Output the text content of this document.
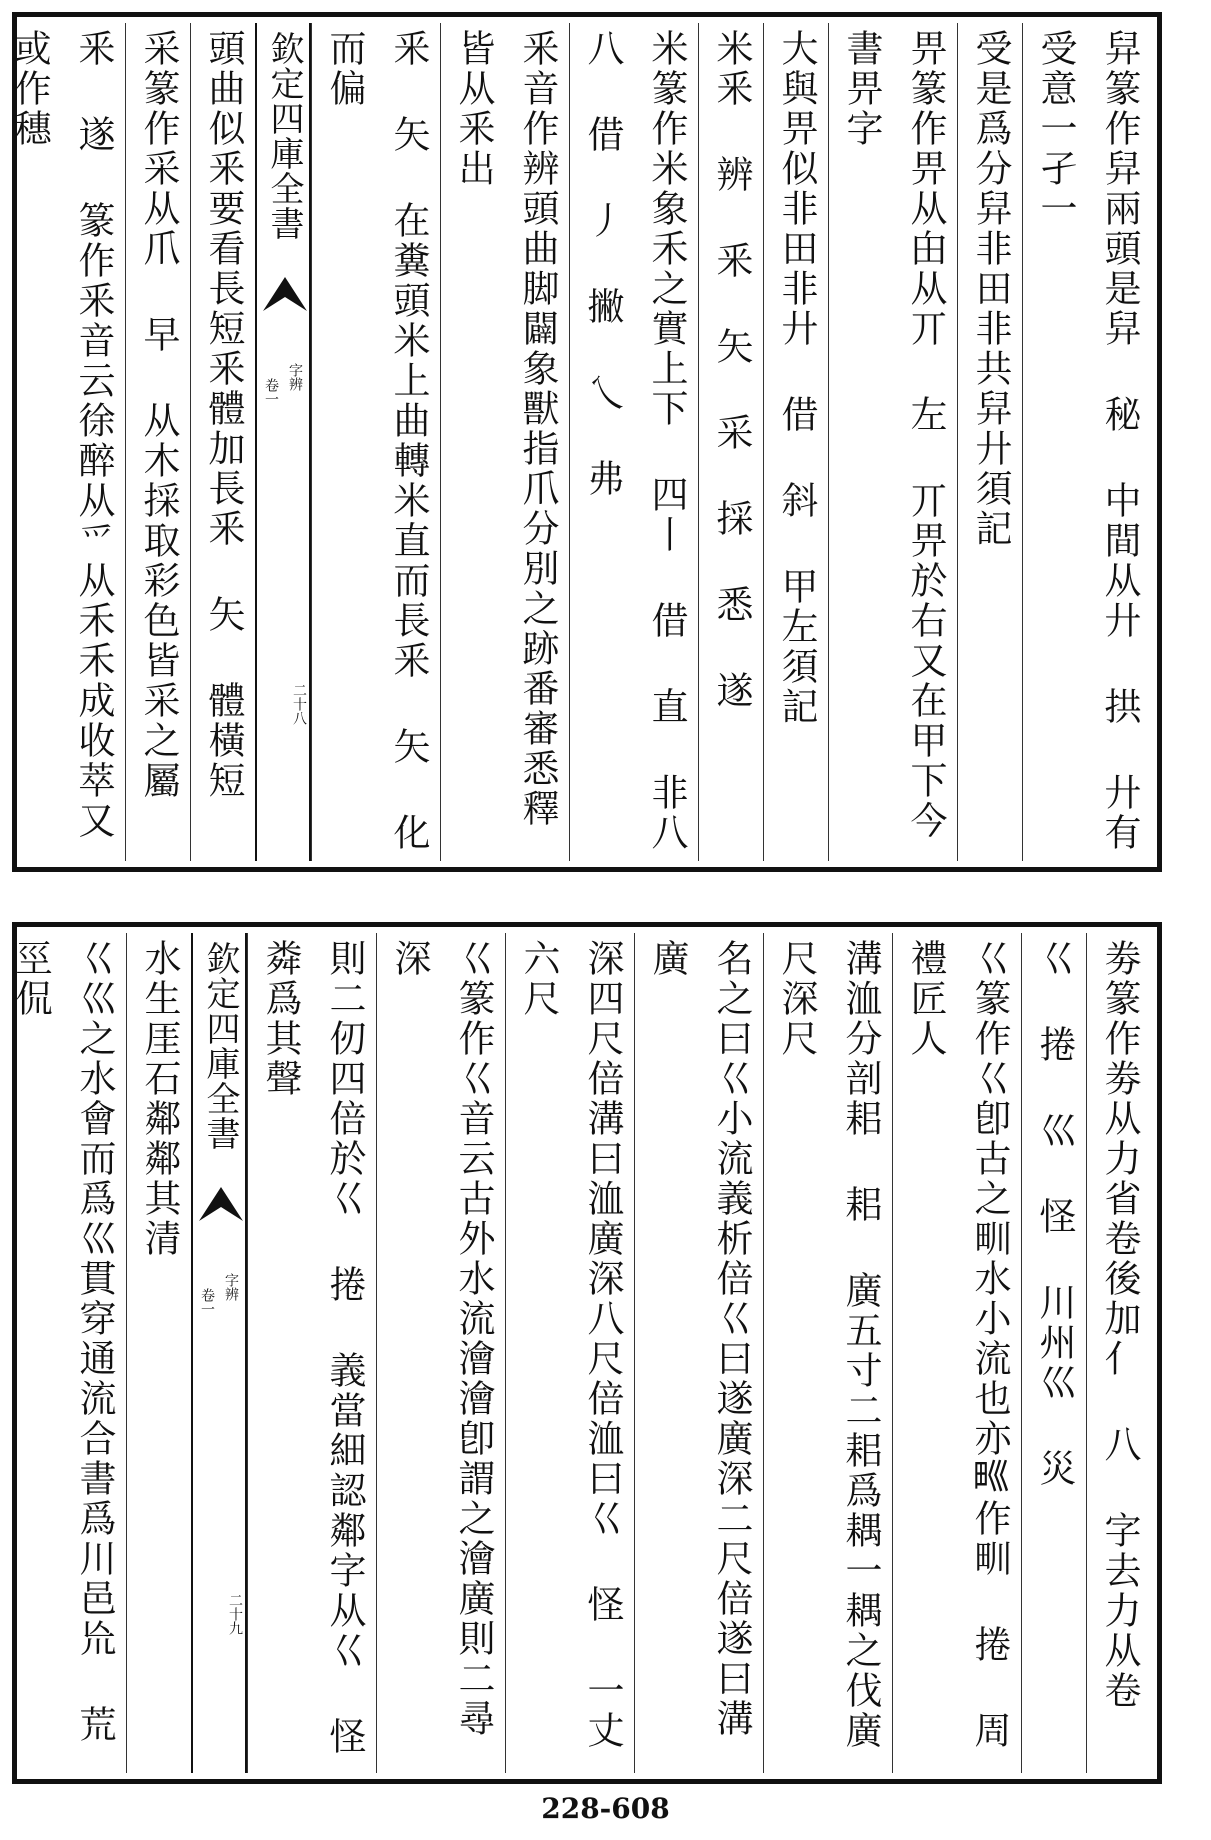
舁篆作舁兩頭是舁 秘 中間从廾 拱 廾有受意一孑一
受是爲分舁非田非共舁廾須記
畀篆作畀从甶从丌 左 丌畀於右又在甲下今書畀字
大與畀似非田非廾 借 斜 甲左須記
米釆 辨 釆 矢 采 採 悉 遂
米篆作米象禾之實上下 四丨 借 直 非八 八 借 丿 撇 乀 弗
釆音作辨頭曲脚闢象獸指爪分別之跡番審悉釋皆从釆出
釆 矢 在糞頭米上曲轉米直而長釆 矢 化而偏
欽定四庫全書
字辨
卷一
二十八
頭曲似釆要看長短釆體加長釆 矢 體橫短
采篆作采从爪 早 从木採取彩色皆采之屬
釆 遂 篆作釆音云徐醉从爫从禾禾成收萃又或作穗
劵篆作劵从力省卷後加亻 八 字去力从卷
巜 捲 巛 怪 川州巛 災
巜篆作巜卽古之甽水小流也亦𤰝作甽 捲 周禮匠人
溝洫分剖耜 耜 廣五寸二耜爲耦一耦之伐廣尺深尺
名之曰巜小流義析倍巜曰遂廣深二尺倍遂曰溝廣
深四尺倍溝曰洫廣深八尺倍洫曰巜 怪 一丈六尺
巜篆作巜音云古外水流澮澮卽謂之澮廣則二尋深
則二仞四倍於巜 捲 義當細認鄰字从巜 怪 粦爲其聲
欽定四庫全書
字辨
卷一
二十九
水生厓石鄰鄰其清
巜巛之水會而爲巛貫穿通流合書爲川邑㠩 荒 巠侃
228-608
